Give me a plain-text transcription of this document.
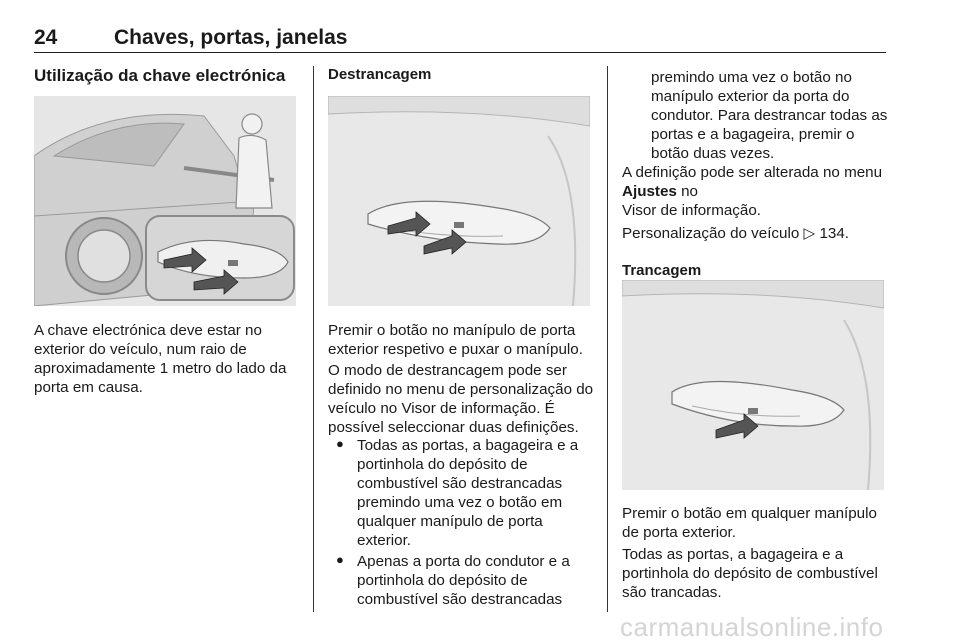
24	Chaves, portas, janelas
Utilização da chave electrónica

A chave electrónica deve estar no exterior do veículo, num raio de aproximadamente 1 metro do lado da porta em causa.

Destrancagem

Premir o botão no manípulo de porta exterior respetivo e puxar o manípulo.

O modo de destrancagem pode ser definido no menu de personalização do veículo no Visor de informação. É possível seleccionar duas definições.

● Todas as portas, a bagageira e a portinhola do depósito de combustível são destrancadas premindo uma vez o botão em qualquer manípulo de porta exterior.

● Apenas a porta do condutor e a portinhola do depósito de combustível são destrancadas

premindo uma vez o botão no manípulo exterior da porta do condutor. Para destrancar todas as portas e a bagageira, premir o botão duas vezes.

A definição pode ser alterada no menu
Ajustes no
Visor de informação.

Personalização do veículo ▷ 134.

Trancagem

Premir o botão em qualquer manípulo de porta exterior.

Todas as portas, a bagageira e a portinhola do depósito de combustível são trancadas.

carmanualsonline.info
